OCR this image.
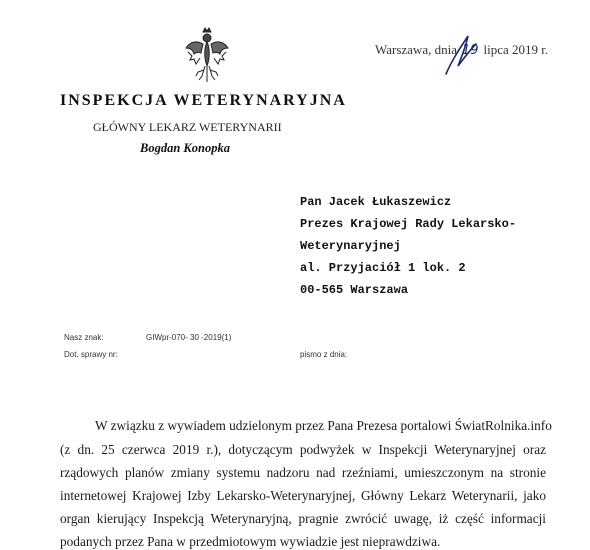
Warszawa, dnia 19 lipca 2019 r.
INSPEKCJA WETERYNARYJNA
GŁÓWNY LEKARZ WETERYNARII
Bogdan Konopka
Pan Jacek Łukaszewicz
Prezes Krajowej Rady Lekarsko-
Weterynaryjnej
al. Przyjaciół 1 lok. 2
00-565 Warszawa
Nasz znak:	GIWpr-070- 30 -2019(1)
Dot. sprawy nr:	pismo z dnia:
W związku z wywiadem udzielonym przez Pana Prezesa portalowi ŚwiatRolnika.info
(z dn. 25 czerwca 2019 r.), dotyczącym podwyżek w Inspekcji Weterynaryjnej oraz
rządowych planów zmiany systemu nadzoru nad rzeźniami, umieszczonym na stronie
internetowej Krajowej Izby Lekarsko-Weterynaryjnej, Główny Lekarz Weterynarii, jako
organ kierujący Inspekcją Weterynaryjną, pragnie zwrócić uwagę, iż część informacji
podanych przez Pana w przedmiotowym wywiadzie jest nieprawdziwa.
